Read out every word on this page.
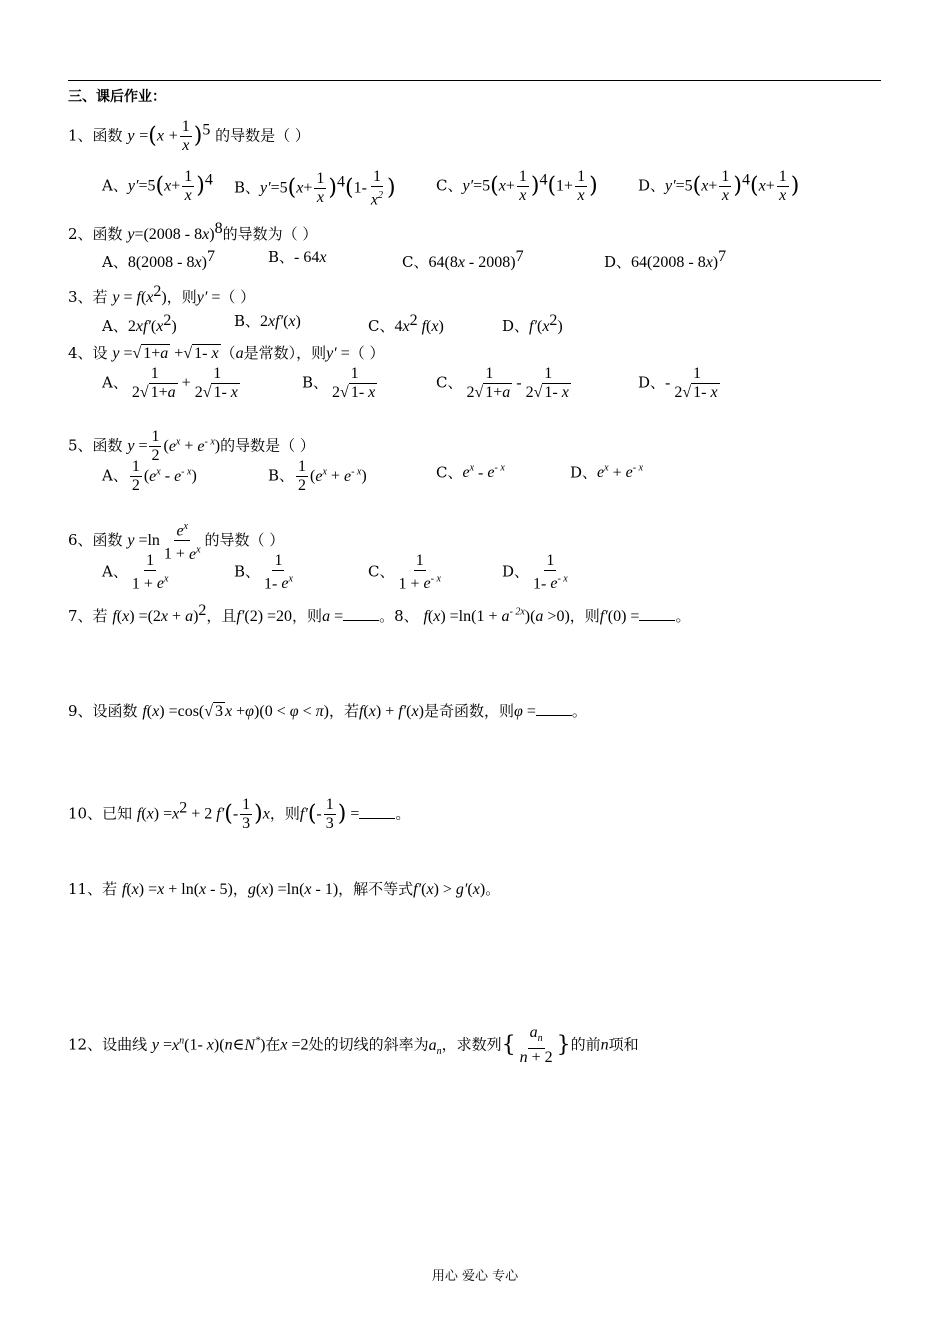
三、课后作业：
1、函数 $y =(x + \frac{1}{x} )^5$ 的导数是（ ）
A、$y'=5(x+ \frac{1}{x} )^4$ B、$y'=5(x+ \frac{1}{x} )^4(1- \frac{1}{x^2}$ )	C、$y'=5(x+ \frac{1}{x} )^4(1+ \frac{1}{x}$ )	D、$y'=5(x+ \frac{1}{x} )^4(x+ \frac{1}{x}$ )
2、函数 y=(2008 - 8x)$^8$的导数为（ ）
A、8(2008 - 8x)$^7$	B、- 64x	C、64(8x - 2008)$^7$	D、64(2008 - 8x)$^7$
3、若 $y = f(x^2)$，则y′ =（ ）
A、$2xf'(x^2)$	B、2xf′(x)	C、$4x^2$ f(x)	D、$f'(x^2)$
4、设 y =√ 1+a +√ 1- x （a是常数），则y′ =（ ）
A、 $\frac{1}{2√ 1+a} + \frac{1}{2√ 1- x}$	B、 $\frac{1}{2√ 1- x}$	C、 $\frac{1}{2√ 1+a} - \frac{1}{2√ 1- x}$	D、- $\frac{1}{2√ 1- x}$
5、函数 $y = \frac{1}{2} (e^x + e^{- x})$的导数是（ ）
A、 $\frac{1}{2} (e^x - e^{- x})$	B、 $\frac{1}{2} (e^x + e^{- x})$	C、$e^x - e^{- x}$	D、$e^x + e^{- x}$
6、函数 $y =\ln \frac{e^x}{1 + e^x}$ 的导数（ ）
A、 $\frac{1}{1 + e^x}$	B、 $\frac{1}{1- e^x}$	C、 $\frac{1}{1 + e^{- x}}$	D、 $\frac{1}{1- e^{- x}}$
7、若 $f(x) =(2x + a)^2$，且f′(2) =20，则a = 。8、 $f(x) =\ln(1 + a^{- 2x})(a >0)$，则f′(0) = 。
9、设函数 f(x) =cos(√ 3 x +φ)(0 < φ < π)，若f(x) + f′(x)是奇函数，则φ = 。
10、已知 $f(x) =x^2 + 2$ $f'(- \frac{1}{3} )x$，则$f'(- \frac{1}{3}$ ) = 。
11、若 f(x) =x + ln(x - 5)，g(x) =ln(x - 1)，解不等式f′(x) > g′(x)。
12、设曲线 $y =x^n(1-$ x)(n∈N*)在x =2处的切线的斜率为$a_n$，求数列{ $\frac{a_n}{n + 2}$ }的前n项和
用心 爱心 专心
